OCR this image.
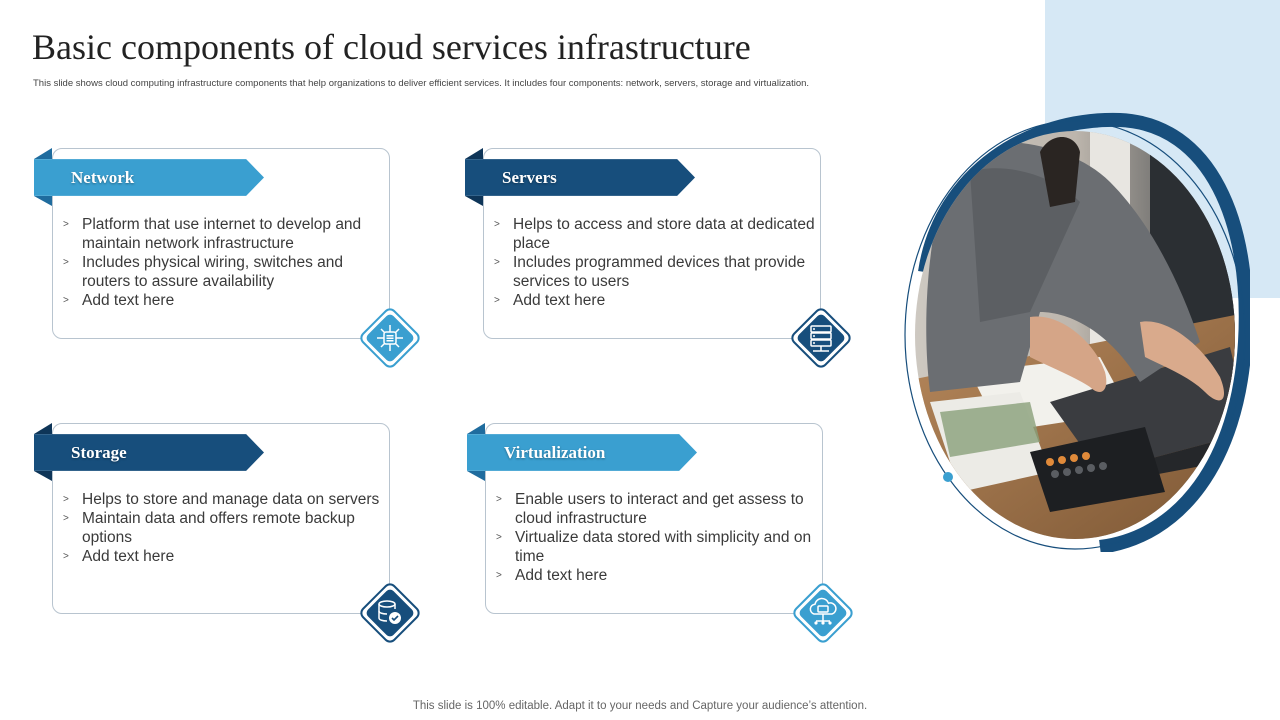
Basic components of cloud services infrastructure

This slide shows cloud computing infrastructure components that help organizations to deliver efficient services. It includes four components: network, servers, storage and virtualization.

> Platform that use internet to develop and maintain network infrastructure
> Includes physical wiring, switches and routers to assure availability
> Add text here
Network
> Helps to access and store data at dedicated place
> Includes programmed devices that provide services to users
> Add text here
Servers
> Helps to store and manage data on servers
> Maintain data and offers remote backup options
> Add text here
Storage
> Enable users to interact and get assess to cloud infrastructure
> Virtualize data stored with simplicity and on time
> Add text here
Virtualization
This slide is 100% editable. Adapt it to your needs and Capture your audience’s attention.
